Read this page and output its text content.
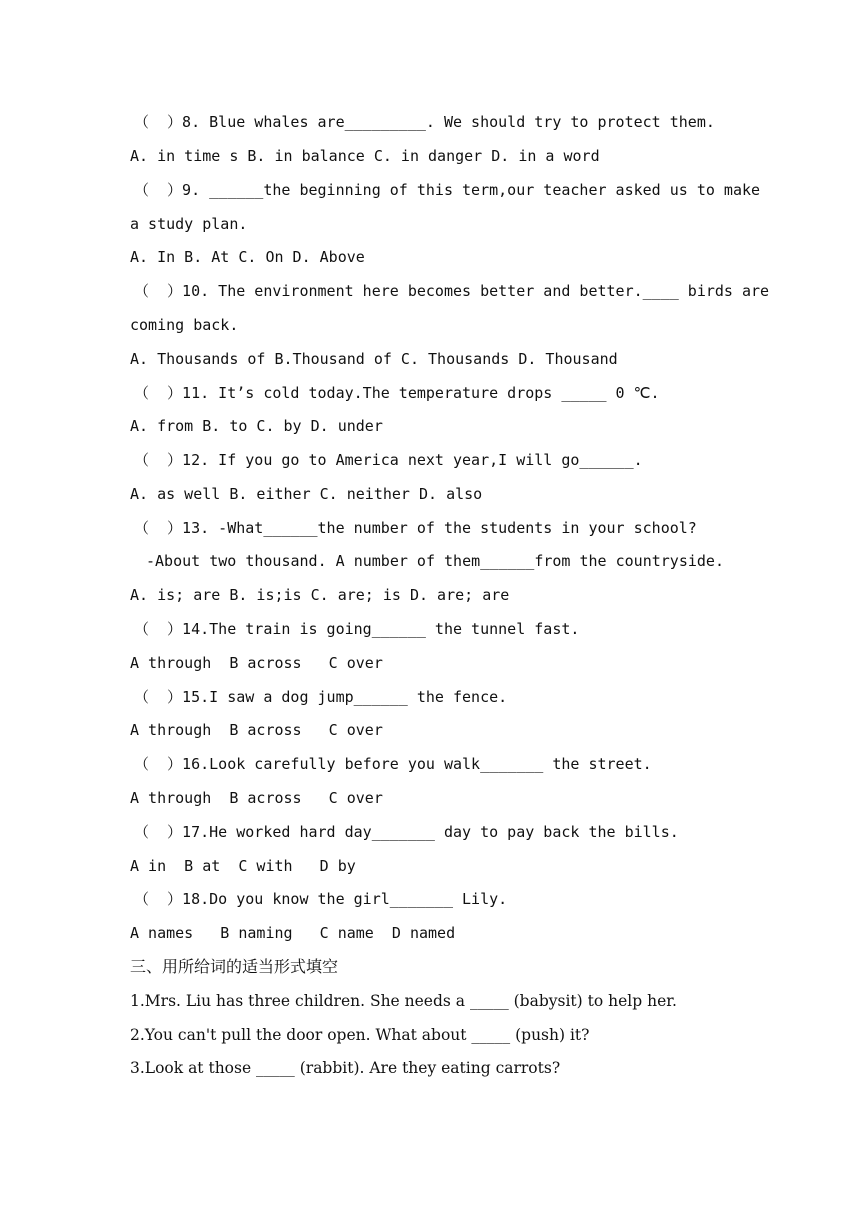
（  ）8. Blue whales are_________. We should try to protect them.
A. in time s B. in balance C. in danger D. in a word
（  ）9. ______the beginning of this term,our teacher asked us to make
a study plan.
A. In B. At C. On D. Above
（  ）10. The environment here becomes better and better.____ birds are
coming back.
A. Thousands of B.Thousand of C. Thousands D. Thousand
（  ）11. It’s cold today.The temperature drops _____ 0 ℃.
A. from B. to C. by D. under
（  ）12. If you go to America next year,I will go______.
A. as well B. either C. neither D. also
（  ）13. -What______the number of the students in your school?
-About two thousand. A number of them______from the countryside.
A. is; are B. is;is C. are; is D. are; are
（  ）14.The train is going______ the tunnel fast.
A through  B across   C over
（  ）15.I saw a dog jump______ the fence.
A through  B across   C over
（  ）16.Look carefully before you walk_______ the street.
A through  B across   C over
（  ）17.He worked hard day_______ day to pay back the bills.
A in  B at  C with   D by
（  ）18.Do you know the girl_______ Lily.
A names   B naming   C name  D named
三、用所给词的适当形式填空
1.Mrs. Liu has three children. She needs a _____ (babysit) to help her.
2.You can't pull the door open. What about _____ (push) it?
3.Look at those _____ (rabbit). Are they eating carrots?
